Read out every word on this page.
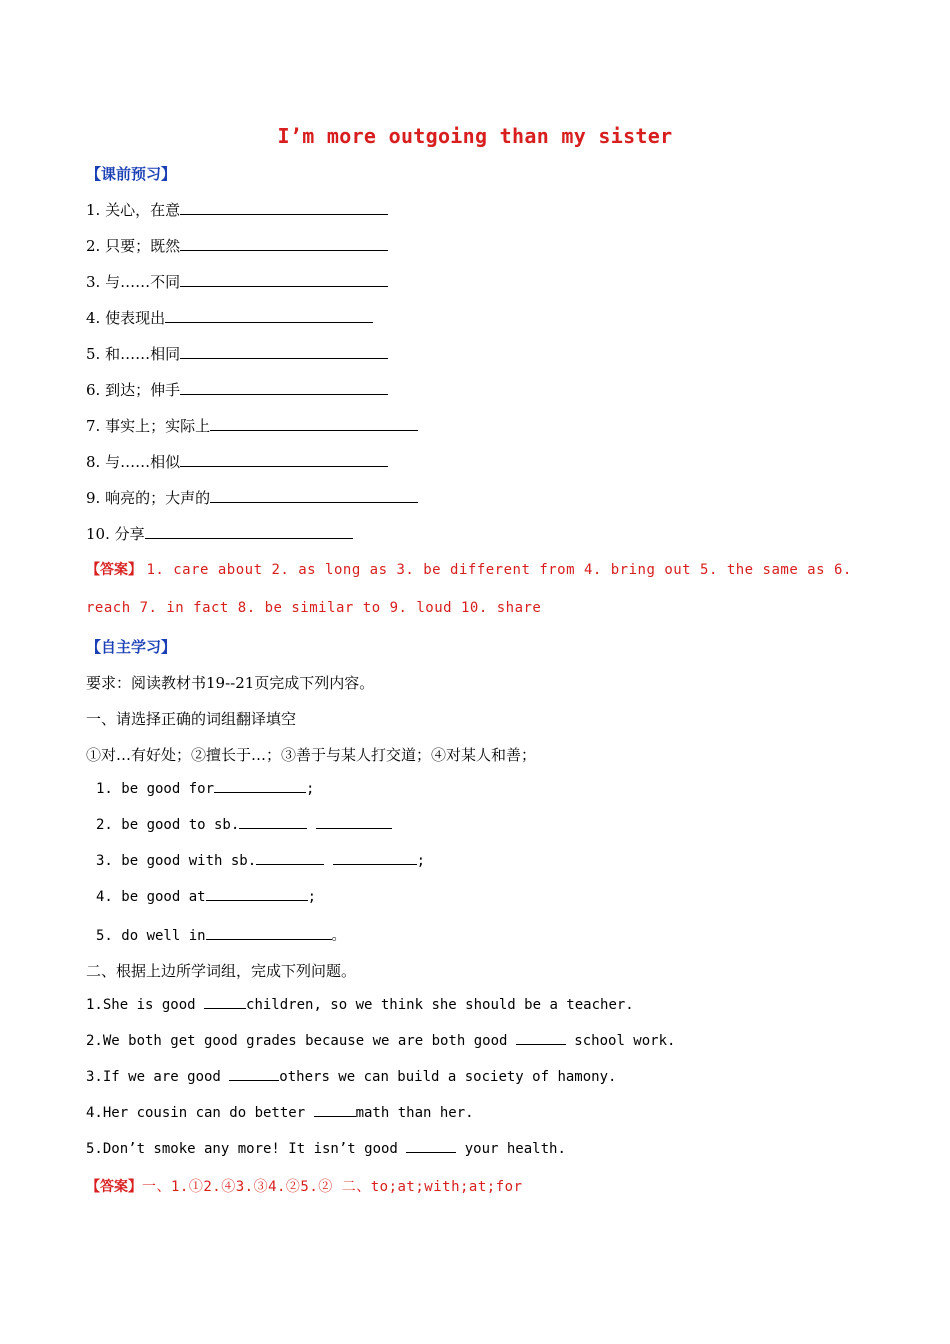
I’m more outgoing than my sister
【课前预习】
1. 关心，在意
2. 只要；既然
3. 与……不同
4. 使表现出
5. 和……相同
6. 到达；伸手
7. 事实上；实际上
8. 与……相似
9. 响亮的；大声的
10. 分享
【答案】 1. care about 2. as long as 3. be different from 4. bring out 5. the same as 6.
reach 7. in fact 8. be similar to 9. loud 10. share
【自主学习】
要求：阅读教材书19--21页完成下列内容。
一、请选择正确的词组翻译填空
①对…有好处；②擅长于…；③善于与某人打交道；④对某人和善；
1. be good for	;
2. be good to sb.
3. be good with sb.	;
4. be good at	;
5. do well in	。
二、根据上边所学词组，完成下列问题。
1.She is good	children, so we think she should be a teacher.
2.We both get good grades because we are both good	school work.
3.If we are good	others we can build a society of hamony.
4.Her cousin can do better	math than her.
5.Don’t smoke any more! It isn’t good	your health.
【答案】一、1.①2.④3.③4.②5.② 二、to;at;with;at;for
